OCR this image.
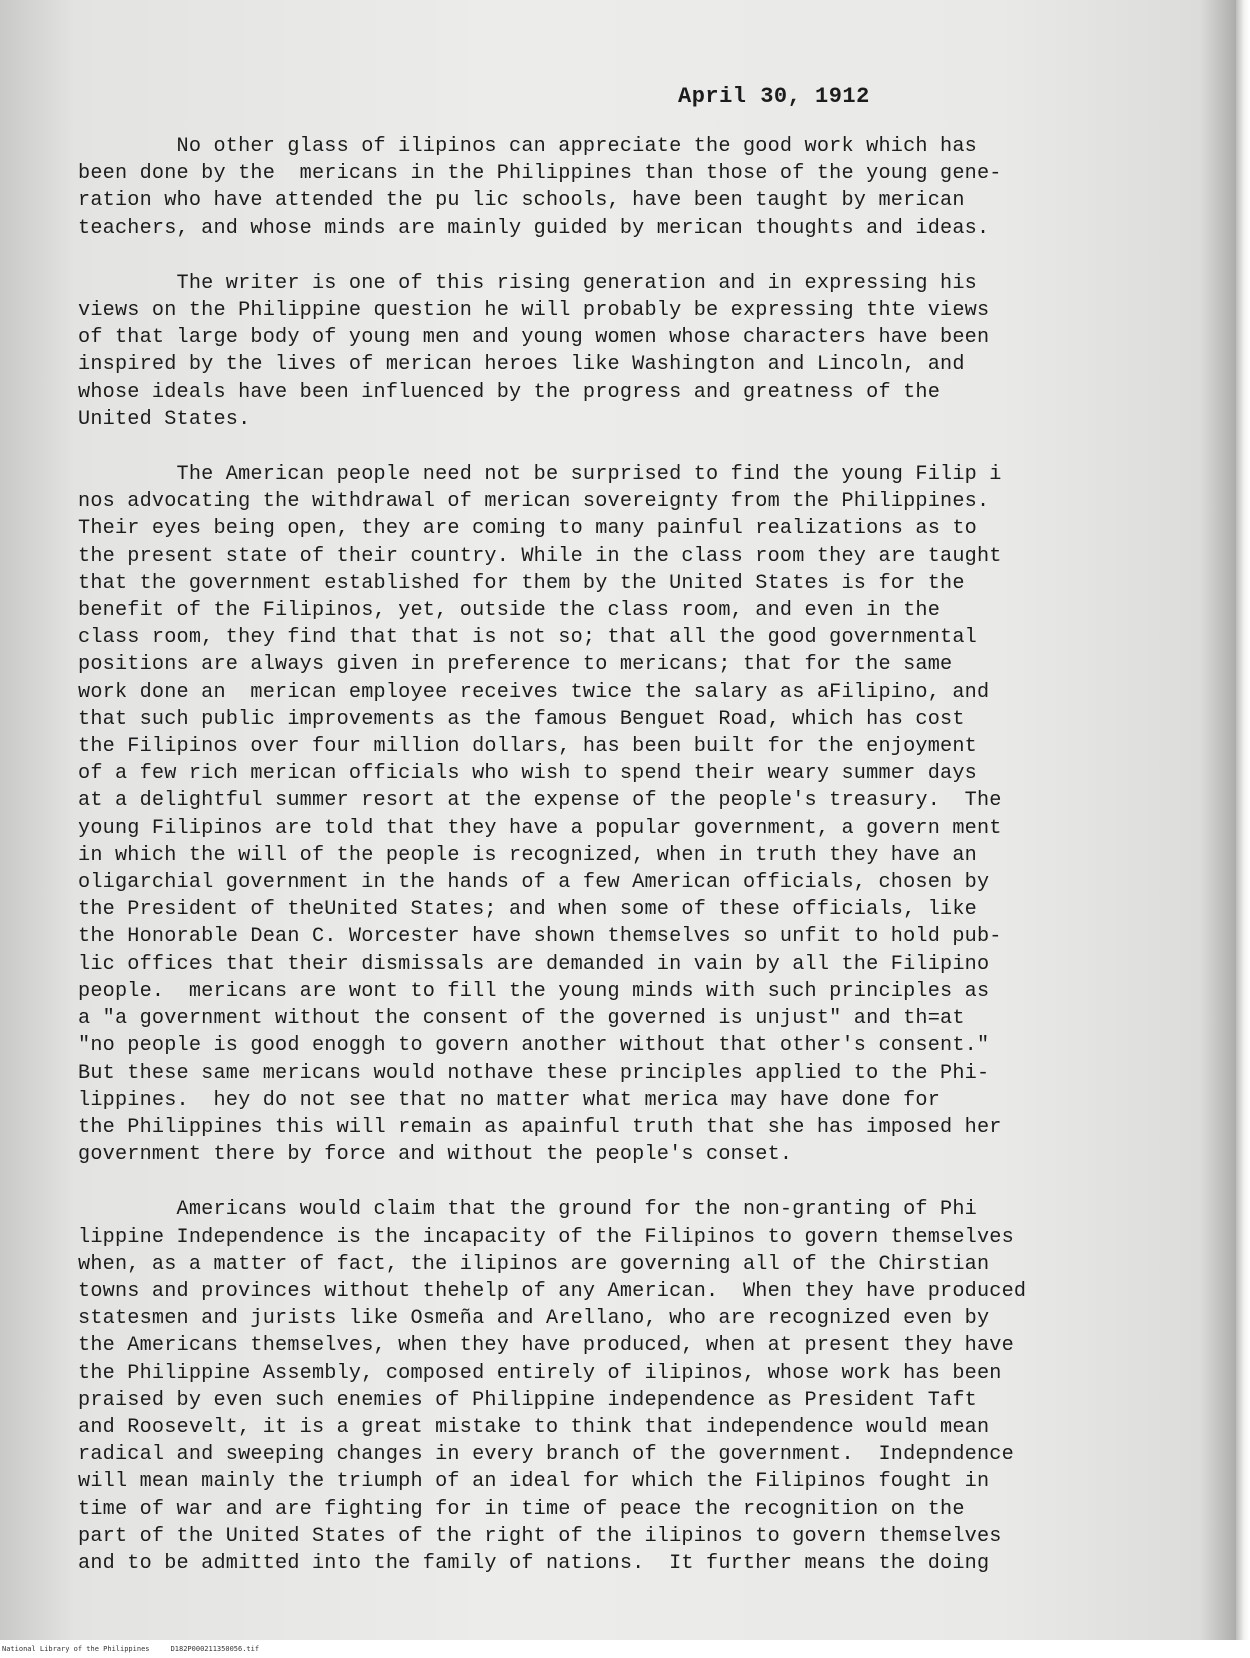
April 30, 1912
No other glass of ilipinos can appreciate the good work which has
been done by the  mericans in the Philippines than those of the young gene-
ration who have attended the pu lic schools, have been taught by merican
teachers, and whose minds are mainly guided by merican thoughts and ideas.
The writer is one of this rising generation and in expressing his
views on the Philippine question he will probably be expressing thte views
of that large body of young men and young women whose characters have been
inspired by the lives of merican heroes like Washington and Lincoln, and
whose ideals have been influenced by the progress and greatness of the
United States.
The American people need not be surprised to find the young Filip i
nos advocating the withdrawal of merican sovereignty from the Philippines.
Their eyes being open, they are coming to many painful realizations as to
the present state of their country. While in the class room they are taught
that the government established for them by the United States is for the
benefit of the Filipinos, yet, outside the class room, and even in the
class room, they find that that is not so; that all the good governmental
positions are always given in preference to mericans; that for the same
work done an  merican employee receives twice the salary as aFilipino, and
that such public improvements as the famous Benguet Road, which has cost
the Filipinos over four million dollars, has been built for the enjoyment
of a few rich merican officials who wish to spend their weary summer days
at a delightful summer resort at the expense of the people's treasury.  The
young Filipinos are told that they have a popular government, a govern ment
in which the will of the people is recognized, when in truth they have an
oligarchial government in the hands of a few American officials, chosen by
the President of theUnited States; and when some of these officials, like
the Honorable Dean C. Worcester have shown themselves so unfit to hold pub-
lic offices that their dismissals are demanded in vain by all the Filipino
people.  mericans are wont to fill the young minds with such principles as
a "a government without the consent of the governed is unjust" and th=at
"no people is good enoggh to govern another without that other's consent."
But these same mericans would nothave these principles applied to the Phi-
lippines.  hey do not see that no matter what merica may have done for
the Philippines this will remain as apainful truth that she has imposed her
government there by force and without the people's conset.
Americans would claim that the ground for the non-granting of Phi
lippine Independence is the incapacity of the Filipinos to govern themselves
when, as a matter of fact, the ilipinos are governing all of the Chirstian
towns and provinces without thehelp of any American.  When they have produced
statesmen and jurists like Osmeña and Arellano, who are recognized even by
the Americans themselves, when they have produced, when at present they have
the Philippine Assembly, composed entirely of ilipinos, whose work has been
praised by even such enemies of Philippine independence as President Taft
and Roosevelt, it is a great mistake to think that independence would mean
radical and sweeping changes in every branch of the government.  Indepndence
will mean mainly the triumph of an ideal for which the Filipinos fought in
time of war and are fighting for in time of peace the recognition on the
part of the United States of the right of the ilipinos to govern themselves
and to be admitted into the family of nations.  It further means the doing
National Library of the Philippines     D182P000211350056.tif
